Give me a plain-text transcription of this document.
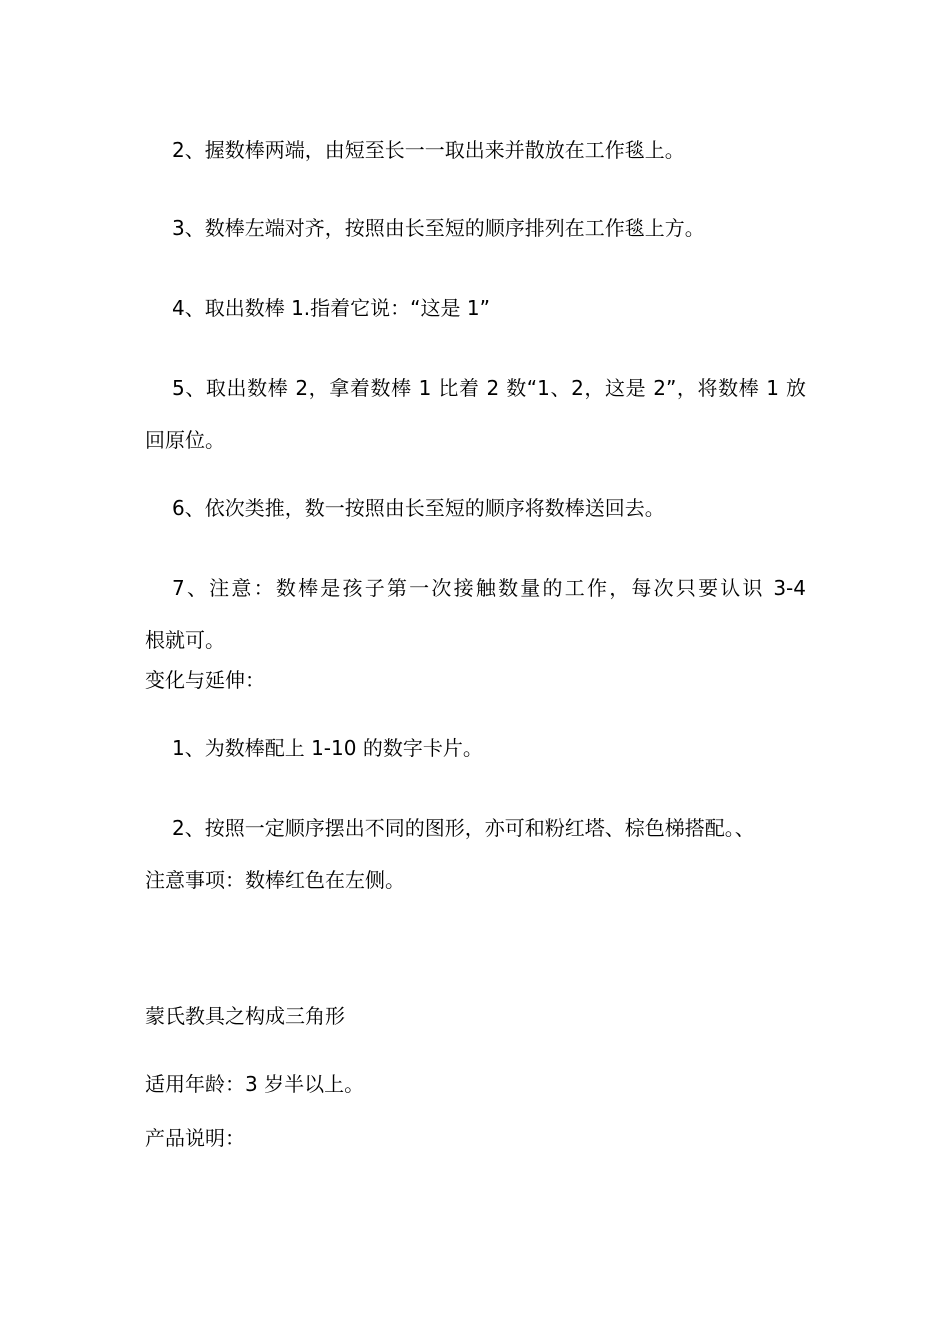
2、握数棒两端，由短至长一一取出来并散放在工作毯上。
3、数棒左端对齐，按照由长至短的顺序排列在工作毯上方。
4、取出数棒 1.指着它说：“这是 1”
5、取出数棒 2，拿着数棒 1 比着 2 数“1、2，这是 2”，将数棒 1 放
回原位。
6、依次类推，数一按照由长至短的顺序将数棒送回去。
7、注意：数棒是孩子第一次接触数量的工作，每次只要认识 3-4
根就可。
变化与延伸：
1、为数棒配上 1-10 的数字卡片。
2、按照一定顺序摆出不同的图形，亦可和粉红塔、棕色梯搭配。、
注意事项：数棒红色在左侧。
蒙氏教具之构成三角形
适用年龄：3 岁半以上。
产品说明：
